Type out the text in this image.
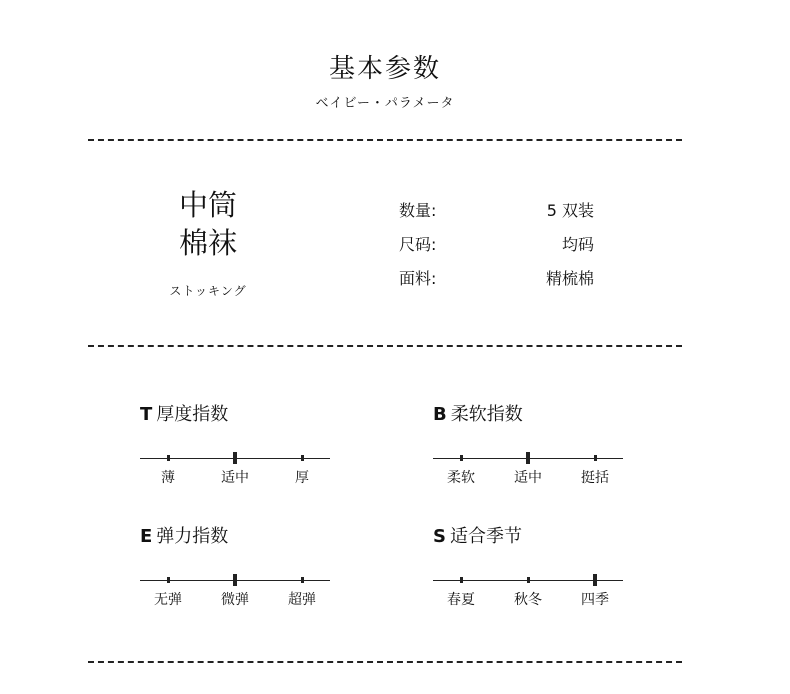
基本参数
ベイビー・パラメータ
中筒
棉袜
ストッキング
数量:	5 双装
尺码:	均码
面料:	精梳棉
T 厚度指数
薄	适中	厚
B 柔软指数
柔软	适中	挺括
E 弹力指数
无弹	微弹	超弹
S 适合季节
春夏	秋冬	四季
